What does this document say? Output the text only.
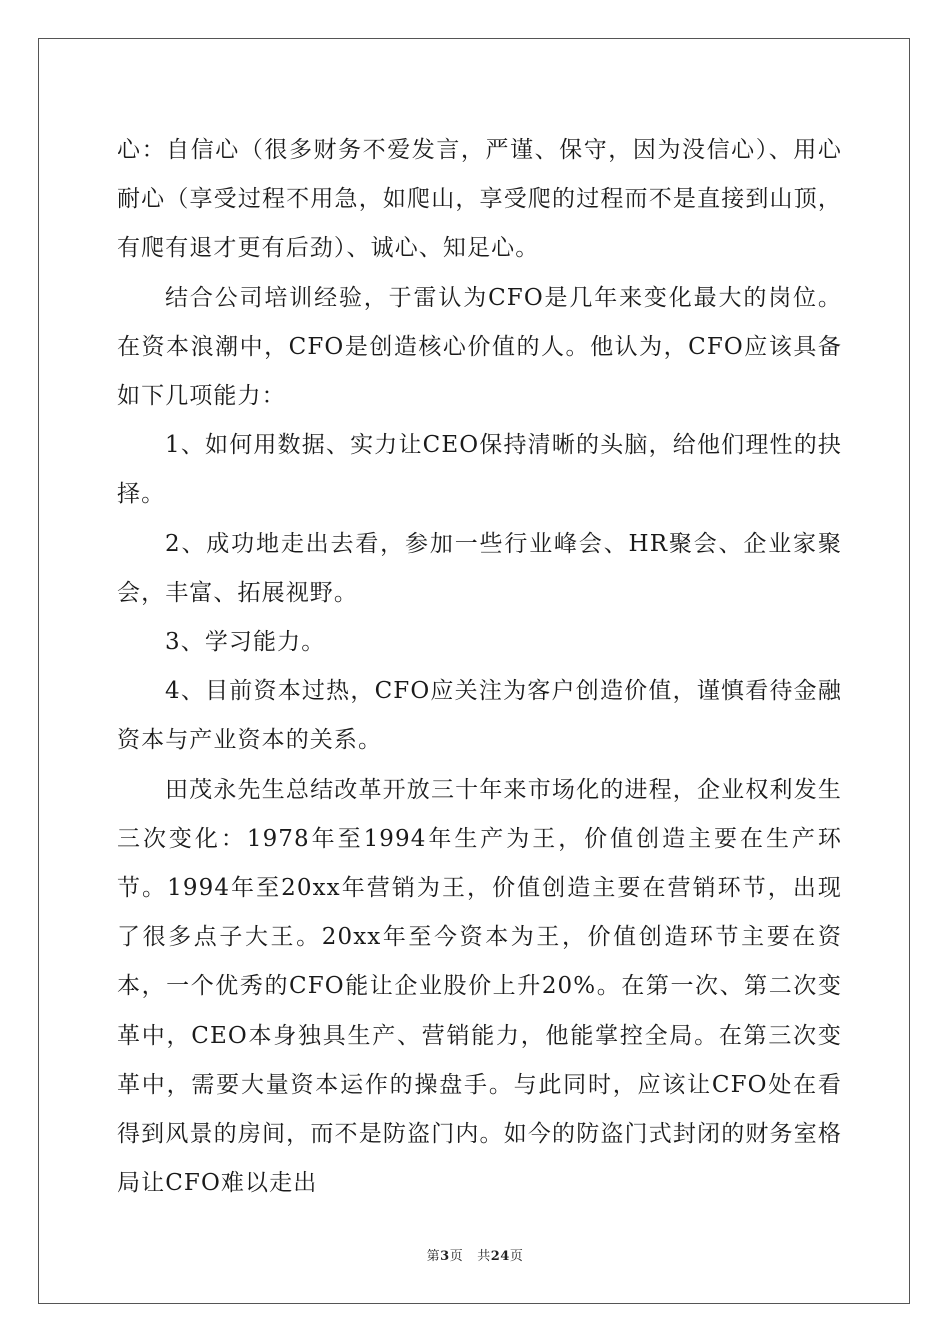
心：自信心（很多财务不爱发言，严谨、保守，因为没信心）、用心耐心（享受过程不用急，如爬山，享受爬的过程而不是直接到山顶，有爬有退才更有后劲）、诚心、知足心。

结合公司培训经验，于雷认为CFO是几年来变化最大的岗位。在资本浪潮中，CFO是创造核心价值的人。他认为，CFO应该具备如下几项能力：

1、如何用数据、实力让CEO保持清晰的头脑，给他们理性的抉择。

2、成功地走出去看，参加一些行业峰会、HR聚会、企业家聚会，丰富、拓展视野。

3、学习能力。

4、目前资本过热，CFO应关注为客户创造价值，谨慎看待金融资本与产业资本的关系。

田茂永先生总结改革开放三十年来市场化的进程，企业权利发生三次变化：1978年至1994年生产为王，价值创造主要在生产环节。1994年至20xx年营销为王，价值创造主要在营销环节，出现了很多点子大王。20xx年至今资本为王，价值创造环节主要在资本，一个优秀的CFO能让企业股价上升20%。在第一次、第二次变革中，CEO本身独具生产、营销能力，他能掌控全局。在第三次变革中，需要大量资本运作的操盘手。与此同时，应该让CFO处在看得到风景的房间，而不是防盗门内。如今的防盗门式封闭的财务室格局让CFO难以走出

第3页 共24页
